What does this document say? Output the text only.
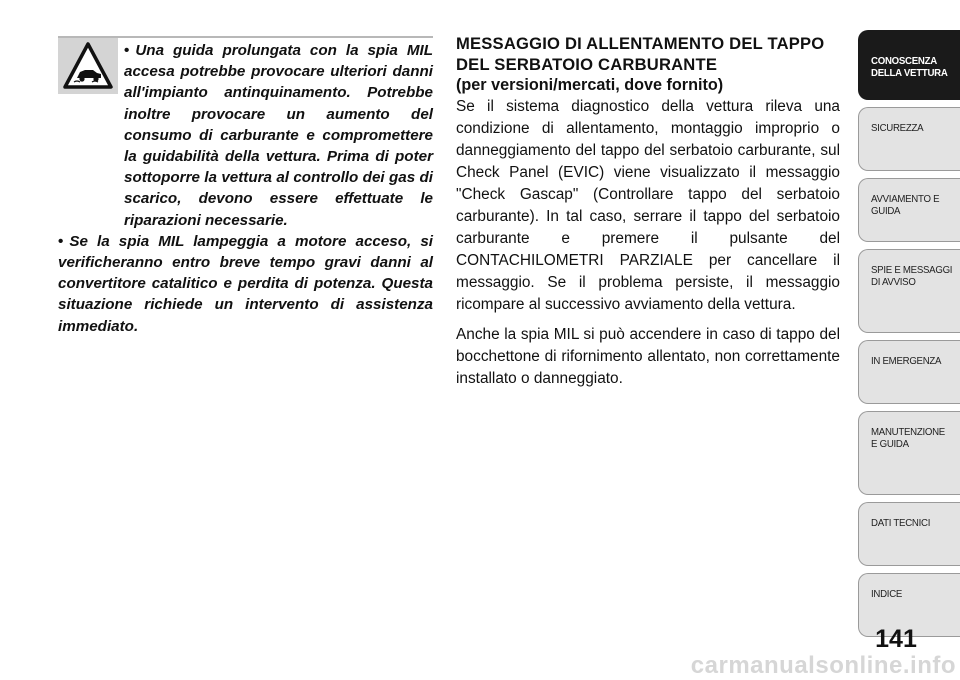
• Una guida prolungata con la spia MIL accesa potrebbe provocare ulteriori danni all'impianto antinquinamento. Potrebbe inoltre provocare un aumento del consumo di carburante e compromettere la guidabilità della vettura. Prima di poter sottoporre la vettura al controllo dei gas di scarico, devono essere effettuate le riparazioni necessarie.

• Se la spia MIL lampeggia a motore acceso, si verificheranno entro breve tempo gravi danni al convertitore catalitico e perdita di potenza. Questa situazione richiede un intervento di assistenza immediato.

MESSAGGIO DI ALLENTAMENTO DEL TAPPO DEL SERBATOIO CARBURANTE
(per versioni/mercati, dove fornito)

Se il sistema diagnostico della vettura rileva una condizione di allentamento, montaggio improprio o danneggiamento del tappo del serbatoio carburante, sul Check Panel (EVIC) viene visualizzato il messaggio "Check Gascap" (Controllare tappo del serbatoio carburante). In tal caso, serrare il tappo del serbatoio carburante e premere il pulsante del CONTACHILOMETRI PARZIALE per cancellare il messaggio. Se il problema persiste, il messaggio ricompare al successivo avviamento della vettura.

Anche la spia MIL si può accendere in caso di tappo del bocchettone di rifornimento allentato, non correttamente installato o danneggiato.

CONOSCENZA DELLA VETTURA
SICUREZZA
AVVIAMENTO E GUIDA
SPIE E MESSAGGI DI AVVISO
IN EMERGENZA
MANUTENZIONE E GUIDA
DATI TECNICI
INDICE
141
carmanualsonline.info
